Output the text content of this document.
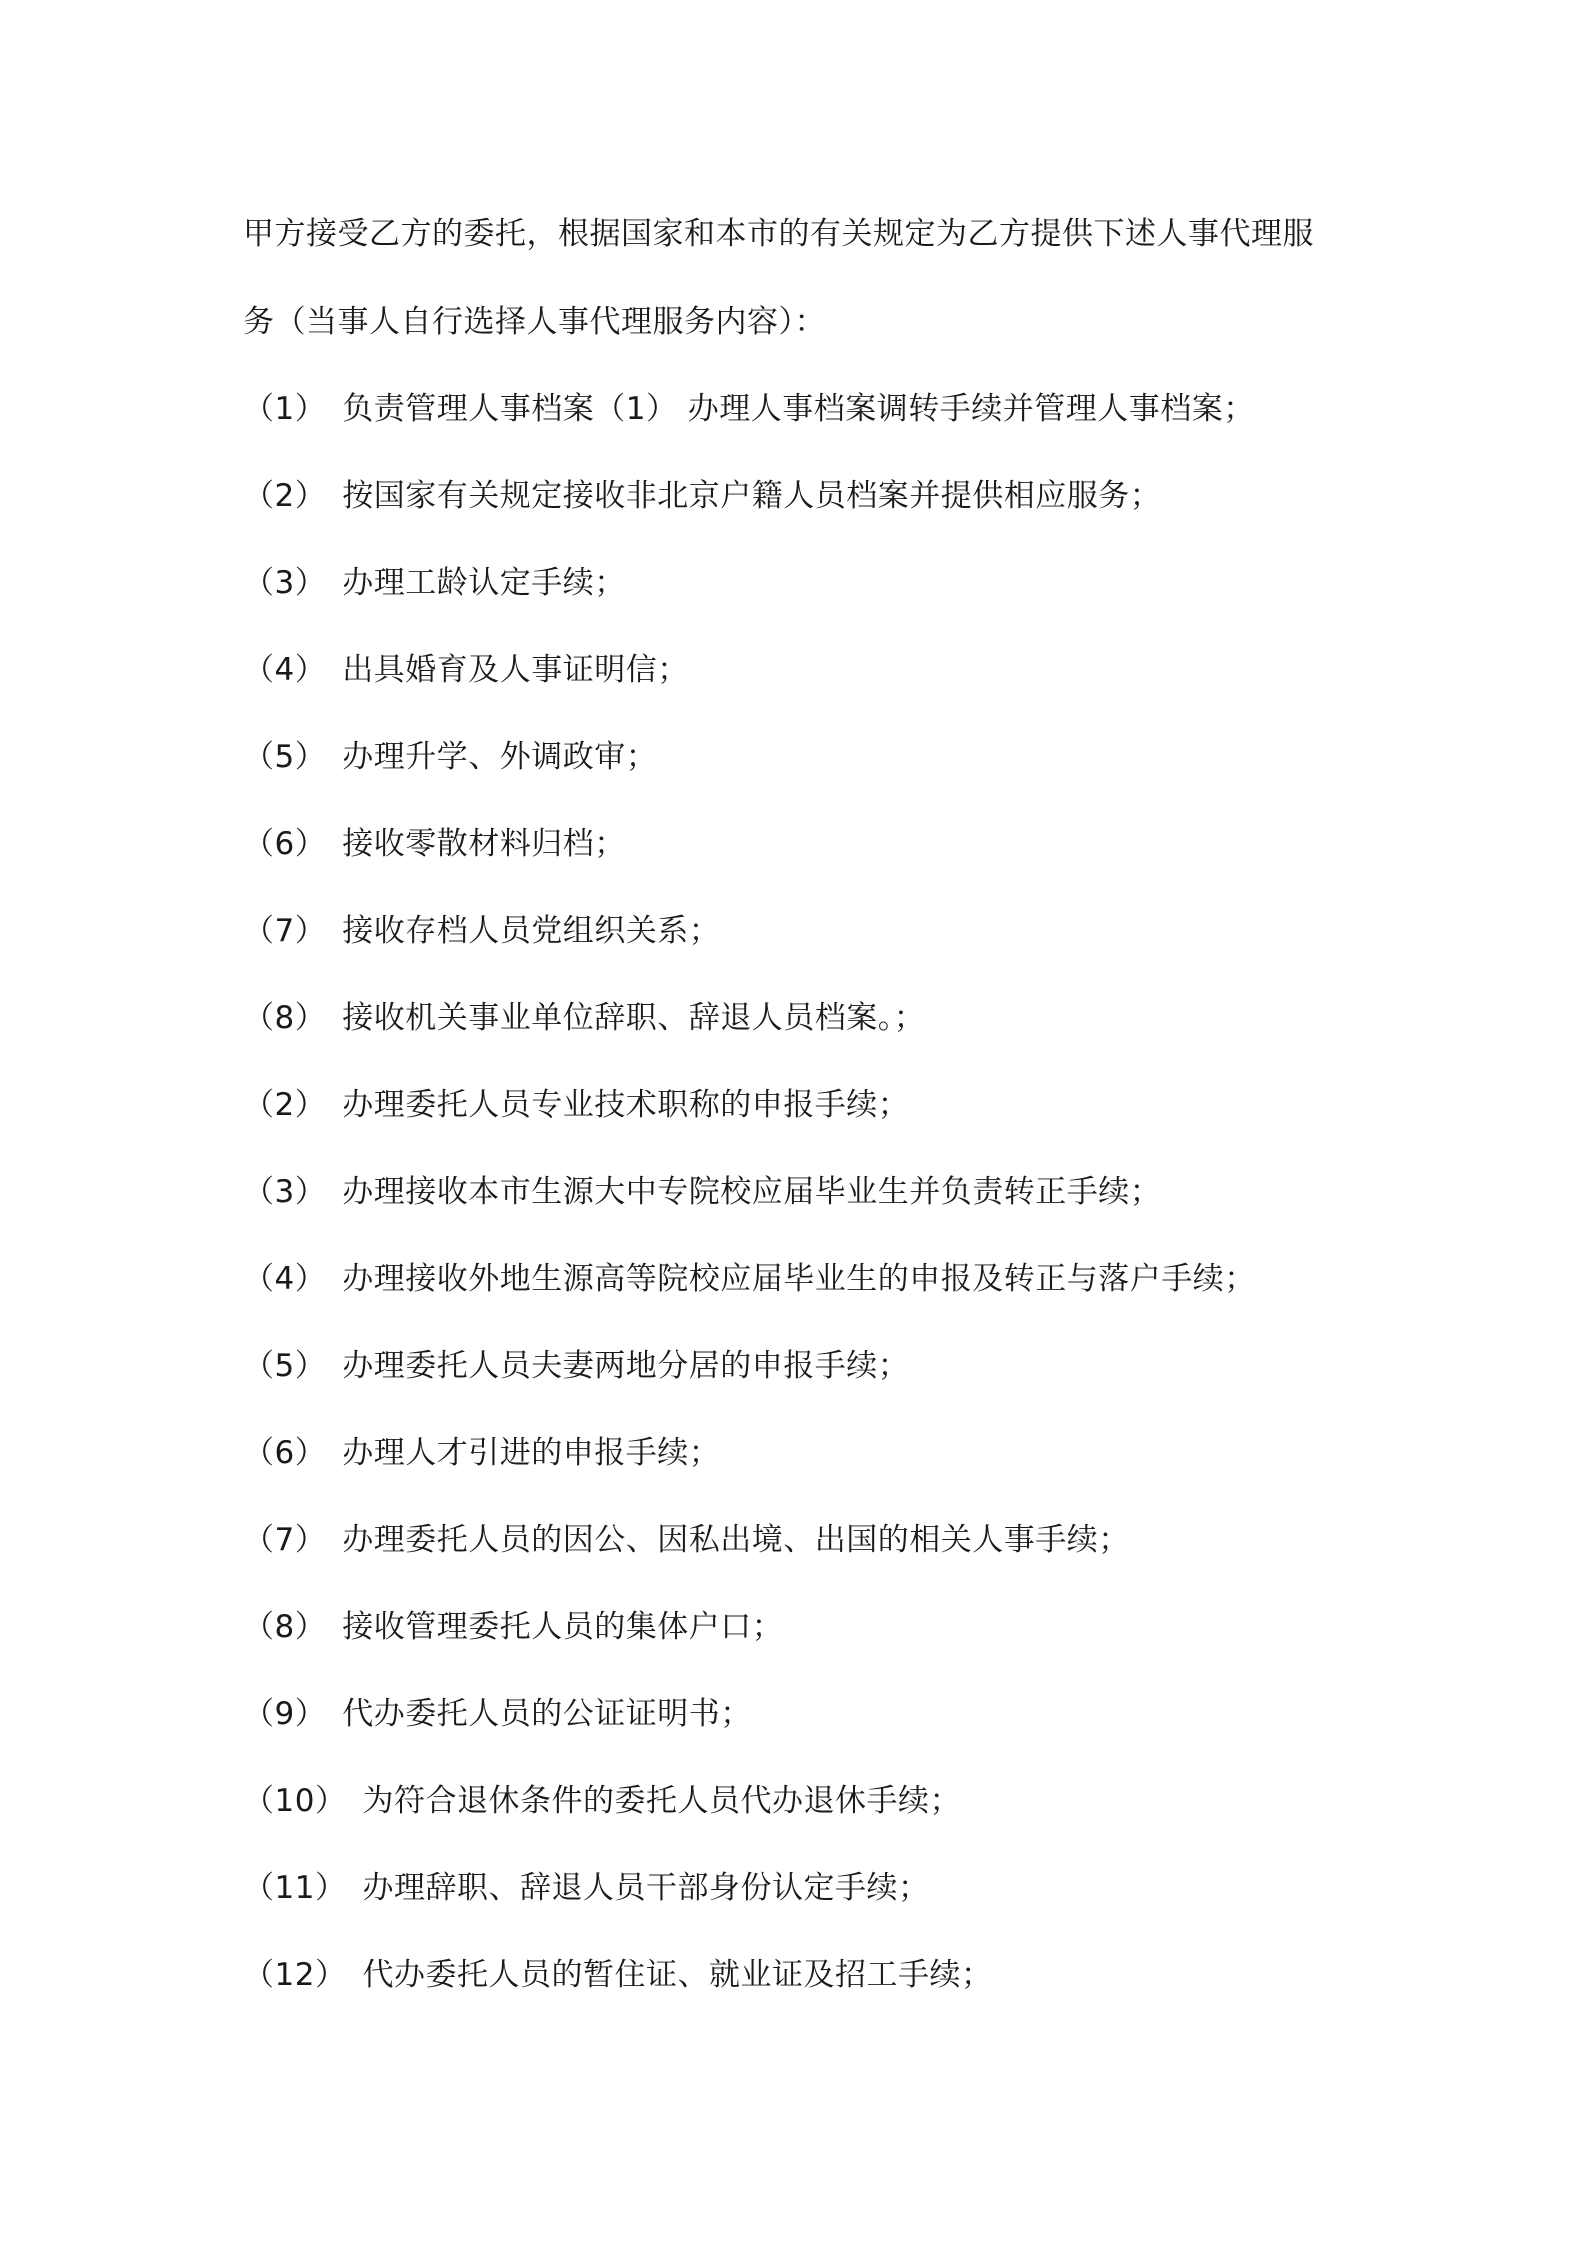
甲方接受乙方的委托，根据国家和本市的有关规定为乙方提供下述人事代理服
务（当事人自行选择人事代理服务内容）：

（1） 负责管理人事档案（1） 办理人事档案调转手续并管理人事档案；
（2） 按国家有关规定接收非北京户籍人员档案并提供相应服务；
（3） 办理工龄认定手续；
（4） 出具婚育及人事证明信；
（5） 办理升学、外调政审；
（6） 接收零散材料归档；
（7） 接收存档人员党组织关系；
（8） 接收机关事业单位辞职、辞退人员档案。；
（2） 办理委托人员专业技术职称的申报手续；
（3） 办理接收本市生源大中专院校应届毕业生并负责转正手续；
（4） 办理接收外地生源高等院校应届毕业生的申报及转正与落户手续；
（5） 办理委托人员夫妻两地分居的申报手续；
（6） 办理人才引进的申报手续；
（7） 办理委托人员的因公、因私出境、出国的相关人事手续；
（8） 接收管理委托人员的集体户口；
（9） 代办委托人员的公证证明书；
（10） 为符合退休条件的委托人员代办退休手续；
（11） 办理辞职、辞退人员干部身份认定手续；
（12） 代办委托人员的暂住证、就业证及招工手续；
